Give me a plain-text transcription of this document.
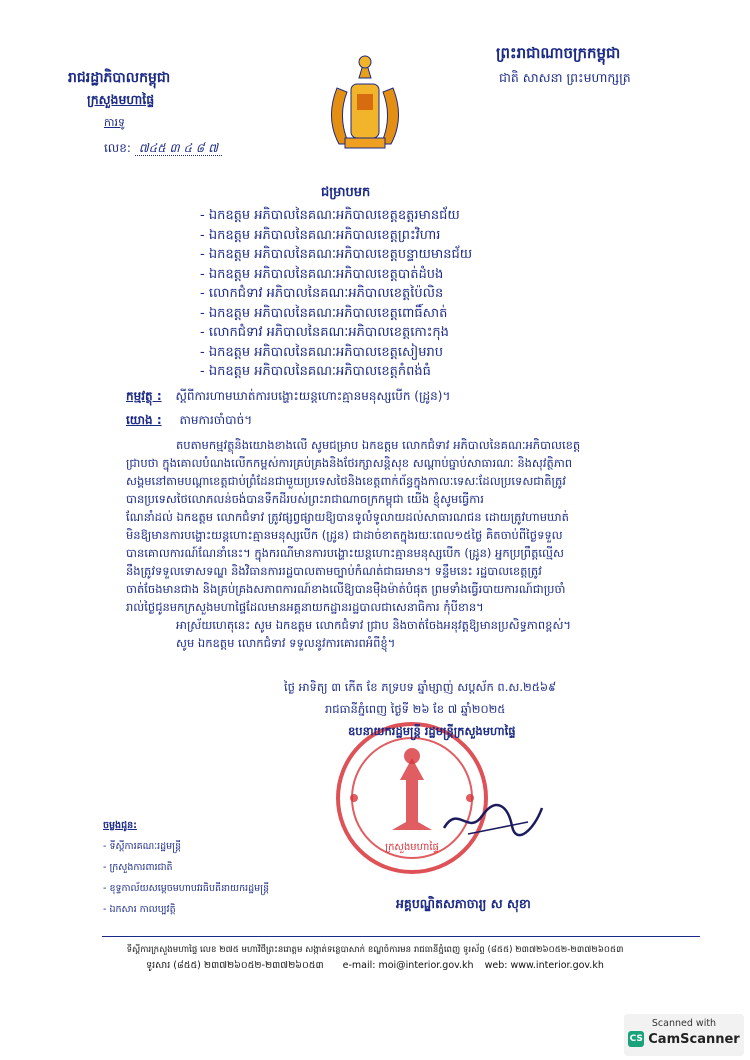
រាជរដ្ឋាភិបាលកម្ពុជា
ក្រសួងមហាផ្ទៃ
ការទូ
លេខ: ៧៤៥ ៣ ៤ ៨ ៧
ព្រះរាជាណាចក្រកម្ពុជា
ជាតិ សាសនា ព្រះមហាក្សត្រ
ជម្រាបមក
- ឯកឧត្តម អភិបាលនៃគណៈអភិបាលខេត្តឧត្តរមានជ័យ
- ឯកឧត្តម អភិបាលនៃគណៈអភិបាលខេត្តព្រះវិហារ
- ឯកឧត្តម អភិបាលនៃគណៈអភិបាលខេត្តបន្ទាយមានជ័យ
- ឯកឧត្តម អភិបាលនៃគណៈអភិបាលខេត្តបាត់ដំបង
- លោកជំទាវ អភិបាលនៃគណៈអភិបាលខេត្តប៉ៃលិន
- ឯកឧត្តម អភិបាលនៃគណៈអភិបាលខេត្តពោធិ៍សាត់
- លោកជំទាវ អភិបាលនៃគណៈអភិបាលខេត្តកោះកុង
- ឯកឧត្តម អភិបាលនៃគណៈអភិបាលខេត្តសៀមរាប
- ឯកឧត្តម អភិបាលនៃគណៈអភិបាលខេត្តកំពង់ធំ
កម្មវត្ថុ : ស្តីពីការហាមឃាត់ការបង្ហោះយន្តហោះគ្មានមនុស្សបើក (ដ្រូន)។
យោង : តាមការចាំបាច់។
តបតាមកម្មវត្ថុនិងយោងខាងលើ សូមជម្រាប ឯកឧត្តម លោកជំទាវ អភិបាលនៃគណៈអភិបាលខេត្ត
ជ្រាបថា ក្នុងគោលបំណងលើកកម្ពស់ការគ្រប់គ្រងនិងថែរក្សាសន្តិសុខ សណ្តាប់ធ្នាប់សាធារណៈ និងសុវត្ថិភាព
សង្គមនៅតាមបណ្តាខេត្តជាប់ព្រំដែនជាមួយប្រទេសថៃនិងខេត្តពាក់ព័ន្ធក្នុងកាលៈទេសៈដែលប្រទេសជាតិត្រូវ
បានប្រទេសថៃលោភលន់ចង់បានទឹកដីរបស់ព្រះរាជាណាចក្រកម្ពុជា យើង ខ្ញុំសូមធ្វើការ
ណែនាំដល់ ឯកឧត្តម លោកជំទាវ ត្រូវផ្សព្វផ្សាយឱ្យបានទូលំទូលាយដល់សាធារណជន ដោយត្រូវហាមឃាត់
មិនឱ្យមានការបង្ហោះយន្តហោះគ្មានមនុស្សបើក (ដ្រូន) ជាដាច់ខាតក្នុងរយៈពេល១៥ថ្ងៃ គិតចាប់ពីថ្ងៃទទួល
បានគោលការណ៍ណែនាំនេះ។ ក្នុងករណីមានការបង្ហោះយន្តហោះគ្មានមនុស្សបើក (ដ្រូន) អ្នកប្រព្រឹត្តល្មើស
នឹងត្រូវទទួលទោសទណ្ឌ និងវិធានការរដ្ឋបាលតាមច្បាប់កំណត់ជាធរមាន។ ទន្ទឹមនេះ រដ្ឋបាលខេត្តត្រូវ
ចាត់ចែងមានជាង និងគ្រប់គ្រងសភាពការណ៍ខាងលើឱ្យបានម៉ឺងម៉ាត់បំផុត ព្រមទាំងធ្វើរបាយការណ៍ជាប្រចាំ
រាល់ថ្ងៃជូនមកក្រសួងមហាផ្ទៃដែលមានអគ្គនាយកដ្ឋានរដ្ឋបាលជាសេនាធិការ កុំបីខាន។
អាស្រ័យហេតុនេះ សូម ឯកឧត្តម លោកជំទាវ ជ្រាប និងចាត់ចែងអនុវត្តឱ្យមានប្រសិទ្ធភាពខ្ពស់។
សូម ឯកឧត្តម លោកជំទាវ ទទួលនូវការគោរពអំពីខ្ញុំ។
ថ្ងៃ អាទិត្យ ៣ កើត ខែ ភទ្របទ ឆ្នាំម្សាញ់ សប្តស័ក ព.ស.២៥៦៩
រាជធានីភ្នំពេញ ថ្ងៃទី ២៦ ខែ ៧ ឆ្នាំ២០២៥
ក្រសួងមហាផ្ទៃ
ឧបនាយករដ្ឋមន្ត្រី រដ្ឋមន្ត្រីក្រសួងមហាផ្ទៃ
អគ្គបណ្ឌិតសភាចារ្យ ស សុខា
ចម្លងជូន:
- ទីស្តីការគណៈរដ្ឋមន្ត្រី
- ក្រសួងការពារជាតិ
- ខុទ្ទកាល័យសម្តេចមហាបវរធិបតីនាយករដ្ឋមន្ត្រី
- ឯកសារ កាលប្បវត្តិ
ទីស្តីការក្រសួងមហាផ្ទៃ លេខ ២៧៥ មហាវិថីព្រះនរោត្តម សង្កាត់ទន្លេបាសាក់ ខណ្ឌចំការមន រាជធានីភ្នំពេញ ទូរស័ព្ទ (៨៥៥) ២៣៧២៦០៥២-២៣៧២៦០៥៣
ទូរសារ (៨៥៥) ២៣៧២៦០៥២-២៣៧២៦០៥៣ e-mail: moi@interior.gov.kh web: www.interior.gov.kh
Scanned with
CS CamScanner
